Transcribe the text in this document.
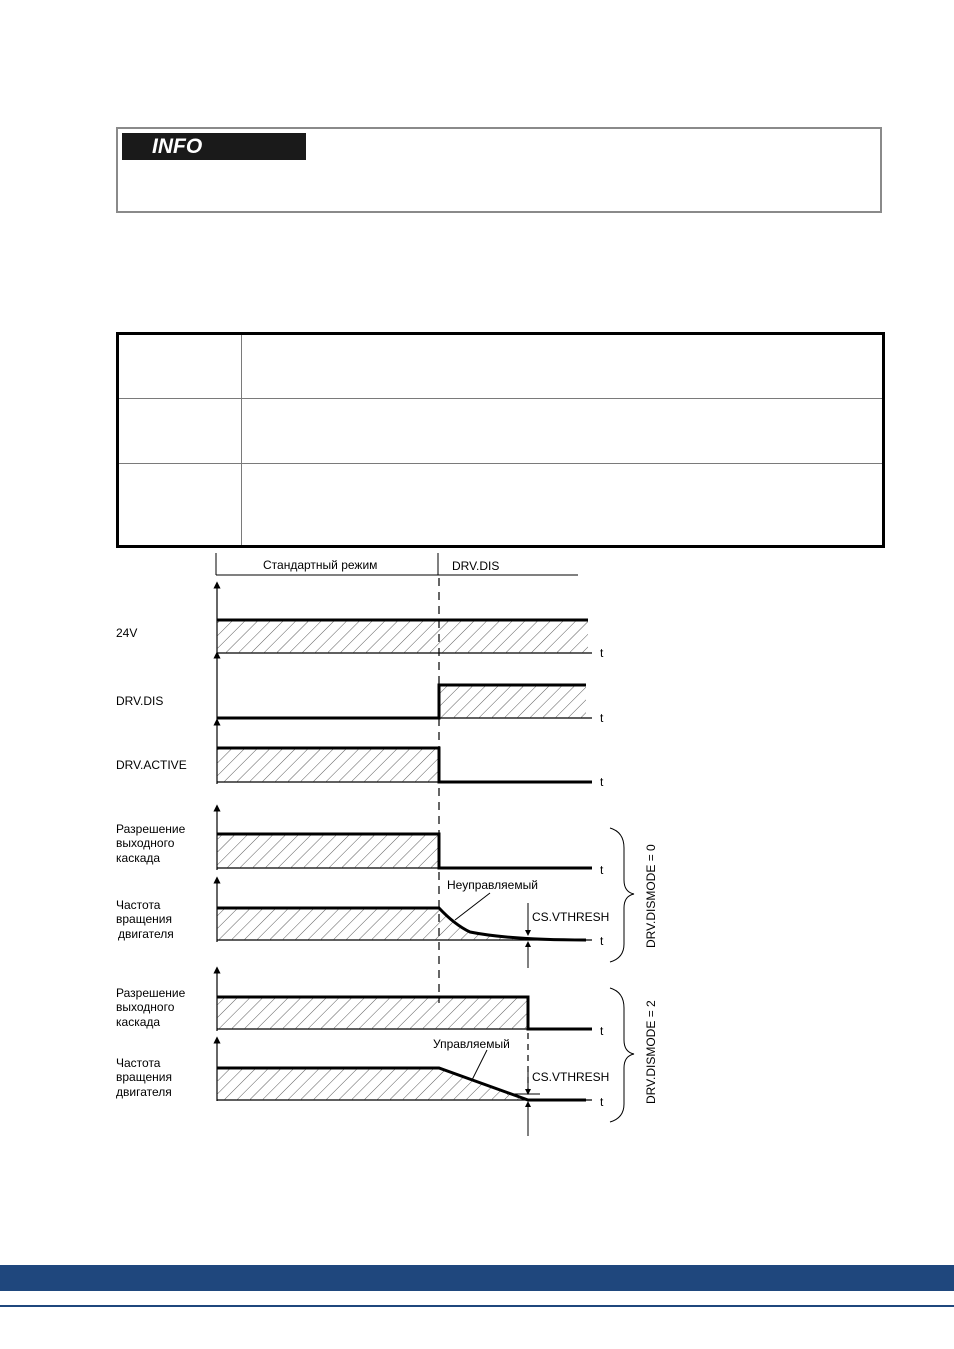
INFO

Стандартный режим	DRV.DIS
24V
t
DRV.DIS
t
DRV.ACTIVE
t
Разрешение выходного каскада
t
Неуправляемый
CS.VTHRESH
Частота вращения двигателя	t	DRV.DISMODE = 0
Разрешение выходного каскада
t
Управляемый
CS.VTHRESH
Частота вращения двигателя
t	DRV.DISMODE = 2
